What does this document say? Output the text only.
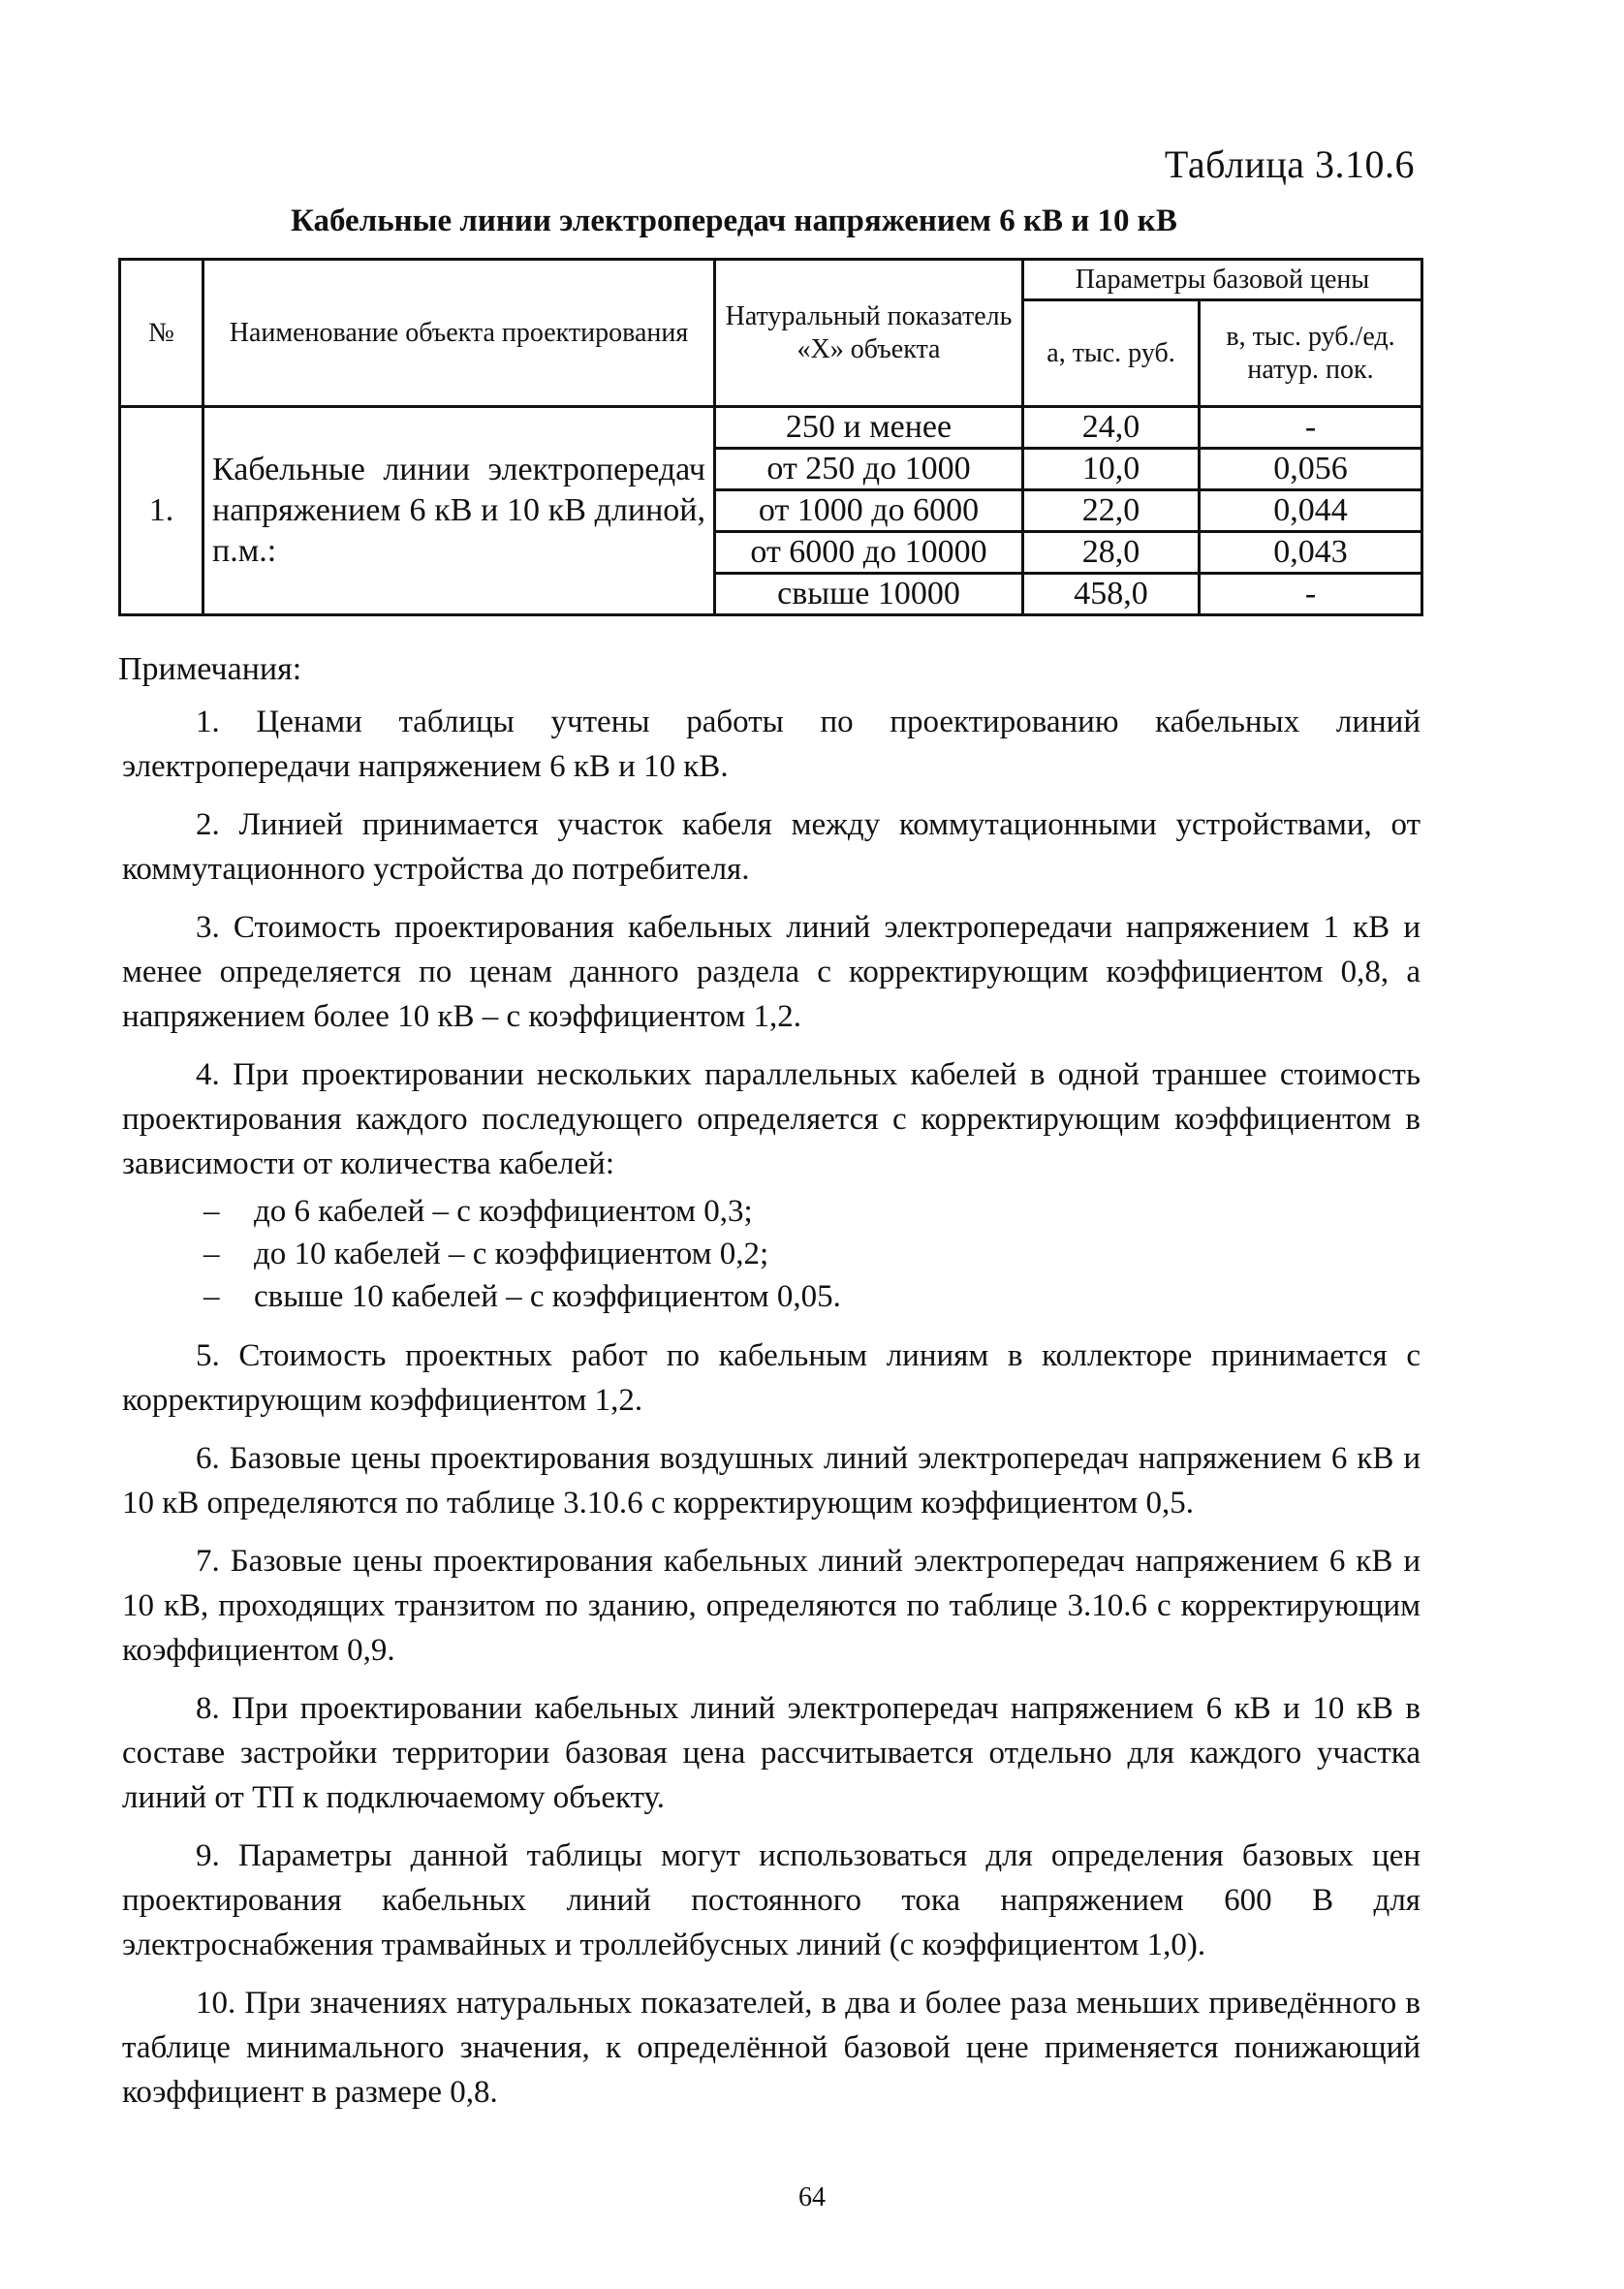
Таблица 3.10.6
Кабельные линии электропередач напряжением 6 кВ и 10 кВ
№	Наименование объекта проектирования	Натуральный показатель «Х» объекта	Параметры базовой цены	
			а, тыс. руб.	в, тыс. руб./ед. натур. пок.
1.	Кабельные линии электропередач напряжением 6 кВ и 10 кВ длиной, п.м.:	250 и менее	24,0	-
		от 250 до 1000	10,0	0,056
		от 1000 до 6000	22,0	0,044
		от 6000 до 10000	28,0	0,043
		свыше 10000	458,0	-
Примечания:

1. Ценами таблицы учтены работы по проектированию кабельных линий электропередачи напряжением 6 кВ и 10 кВ.

2. Линией принимается участок кабеля между коммутационными устройствами, от коммутационного устройства до потребителя.

3. Стоимость проектирования кабельных линий электропередачи напряжением 1 кВ и менее определяется по ценам данного раздела с корректирующим коэффициентом 0,8, а напряжением более 10 кВ – с коэффициентом 1,2.

4. При проектировании нескольких параллельных кабелей в одной траншее стоимость проектирования каждого последующего определяется с корректирующим коэффициентом в зависимости от количества кабелей:

–	до 6 кабелей – с коэффициентом 0,3;
–	до 10 кабелей – с коэффициентом 0,2;
–	свыше 10 кабелей – с коэффициентом 0,05.

5. Стоимость проектных работ по кабельным линиям в коллекторе принимается с корректирующим коэффициентом 1,2.

6. Базовые цены проектирования воздушных линий электропередач напряжением 6 кВ и 10 кВ определяются по таблице 3.10.6 с корректирующим коэффициентом 0,5.

7. Базовые цены проектирования кабельных линий электропередач напряжением 6 кВ и 10 кВ, проходящих транзитом по зданию, определяются по таблице 3.10.6 с корректирующим коэффициентом 0,9.

8. При проектировании кабельных линий электропередач напряжением 6 кВ и 10 кВ в составе застройки территории базовая цена рассчитывается отдельно для каждого участка линий от ТП к подключаемому объекту.

9. Параметры данной таблицы могут использоваться для определения базовых цен проектирования кабельных линий постоянного тока напряжением 600 В для электроснабжения трамвайных и троллейбусных линий (с коэффициентом 1,0).

10. При значениях натуральных показателей, в два и более раза меньших приведённого в таблице минимального значения, к определённой базовой цене применяется понижающий коэффициент в размере 0,8.

64
